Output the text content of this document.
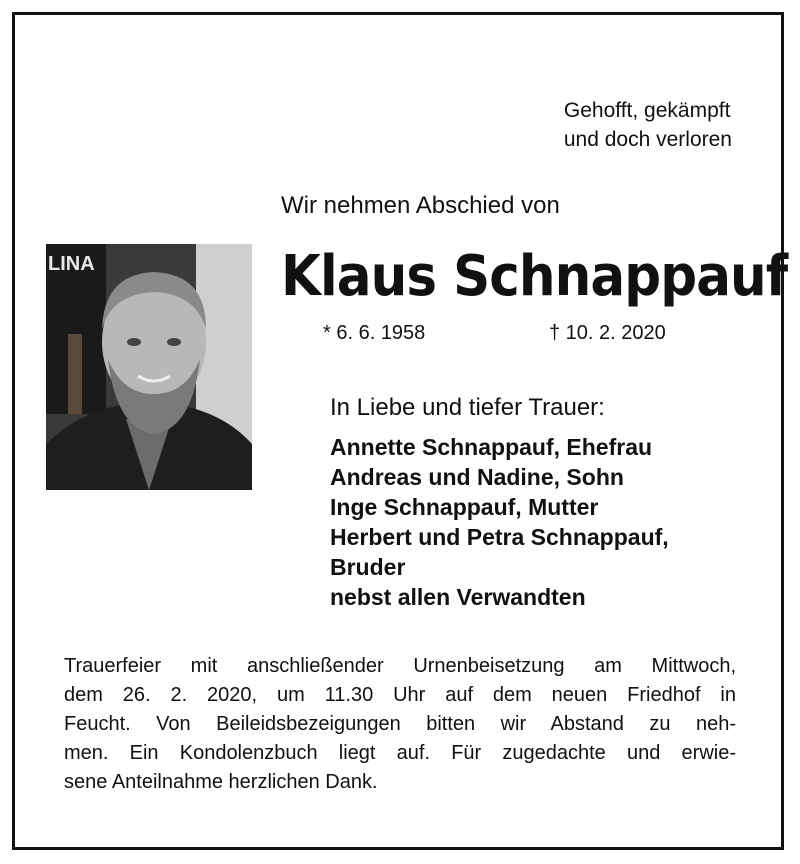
Gehofft, gekämpft
und doch verloren
Wir nehmen Abschied von
LINA	Klaus Schnappauf
* 6. 6. 1958	† 10. 2. 2020
In Liebe und tiefer Trauer:
Annette Schnappauf, Ehefrau
Andreas und Nadine, Sohn
Inge Schnappauf, Mutter
Herbert und Petra Schnappauf,
Bruder
nebst allen Verwandten
Trauerfeier mit anschließender Urnenbeisetzung am Mittwoch,
dem 26. 2. 2020, um 11.30 Uhr auf dem neuen Friedhof in
Feucht. Von Beileidsbezeigungen bitten wir Abstand zu neh-
men. Ein Kondolenzbuch liegt auf. Für zugedachte und erwie-
sene Anteilnahme herzlichen Dank.
